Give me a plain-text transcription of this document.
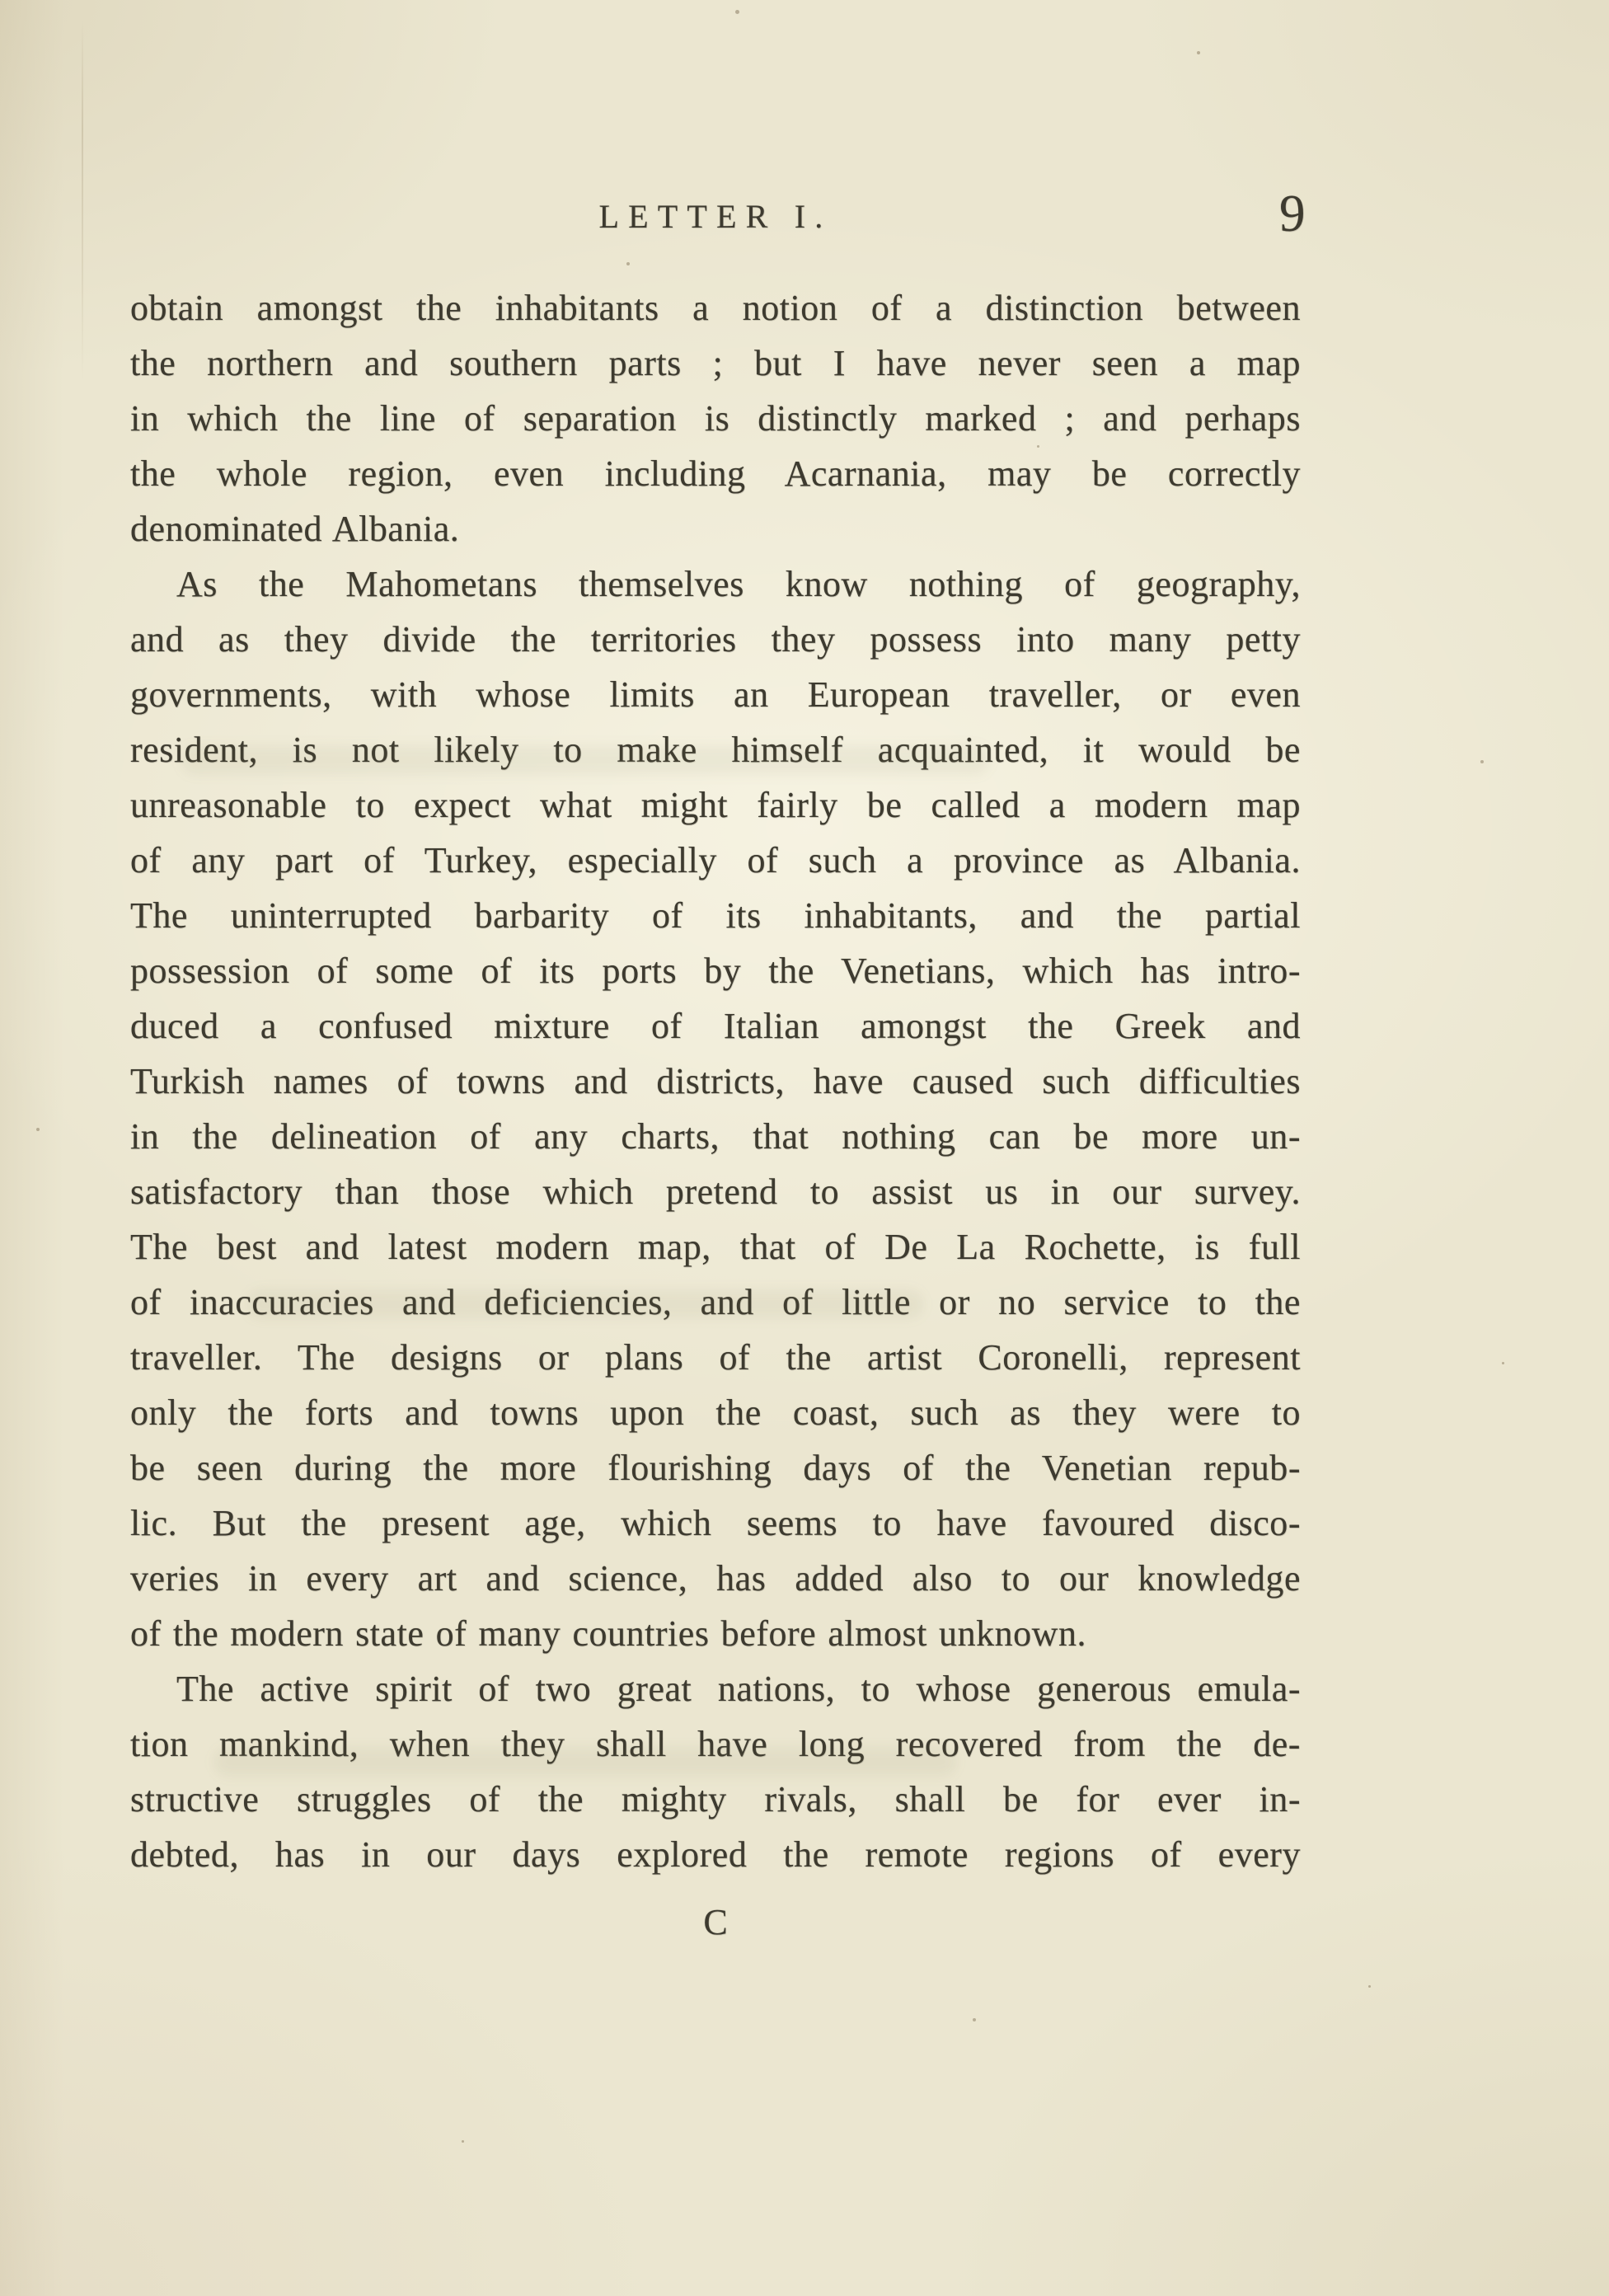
LETTER I.	9
obtain amongst the inhabitants a notion of a distinction between
the northern and southern parts ; but I have never seen a map
in which the line of separation is distinctly marked ; and perhaps
the whole region, even including Acarnania, may be correctly
denominated Albania.
As the Mahometans themselves know nothing of geography,
and as they divide the territories they possess into many petty
governments, with whose limits an European traveller, or even
resident, is not likely to make himself acquainted, it would be
unreasonable to expect what might fairly be called a modern map
of any part of Turkey, especially of such a province as Albania.
The uninterrupted barbarity of its inhabitants, and the partial
possession of some of its ports by the Venetians, which has intro-
duced a confused mixture of Italian amongst the Greek and
Turkish names of towns and districts, have caused such difficulties
in the delineation of any charts, that nothing can be more un-
satisfactory than those which pretend to assist us in our survey.
The best and latest modern map, that of De La Rochette, is full
of inaccuracies and deficiencies, and of little or no service to the
traveller. The designs or plans of the artist Coronelli, represent
only the forts and towns upon the coast, such as they were to
be seen during the more flourishing days of the Venetian repub-
lic. But the present age, which seems to have favoured disco-
veries in every art and science, has added also to our knowledge
of the modern state of many countries before almost unknown.
The active spirit of two great nations, to whose generous emula-
tion mankind, when they shall have long recovered from the de-
structive struggles of the mighty rivals, shall be for ever in-
debted, has in our days explored the remote regions of every
C
